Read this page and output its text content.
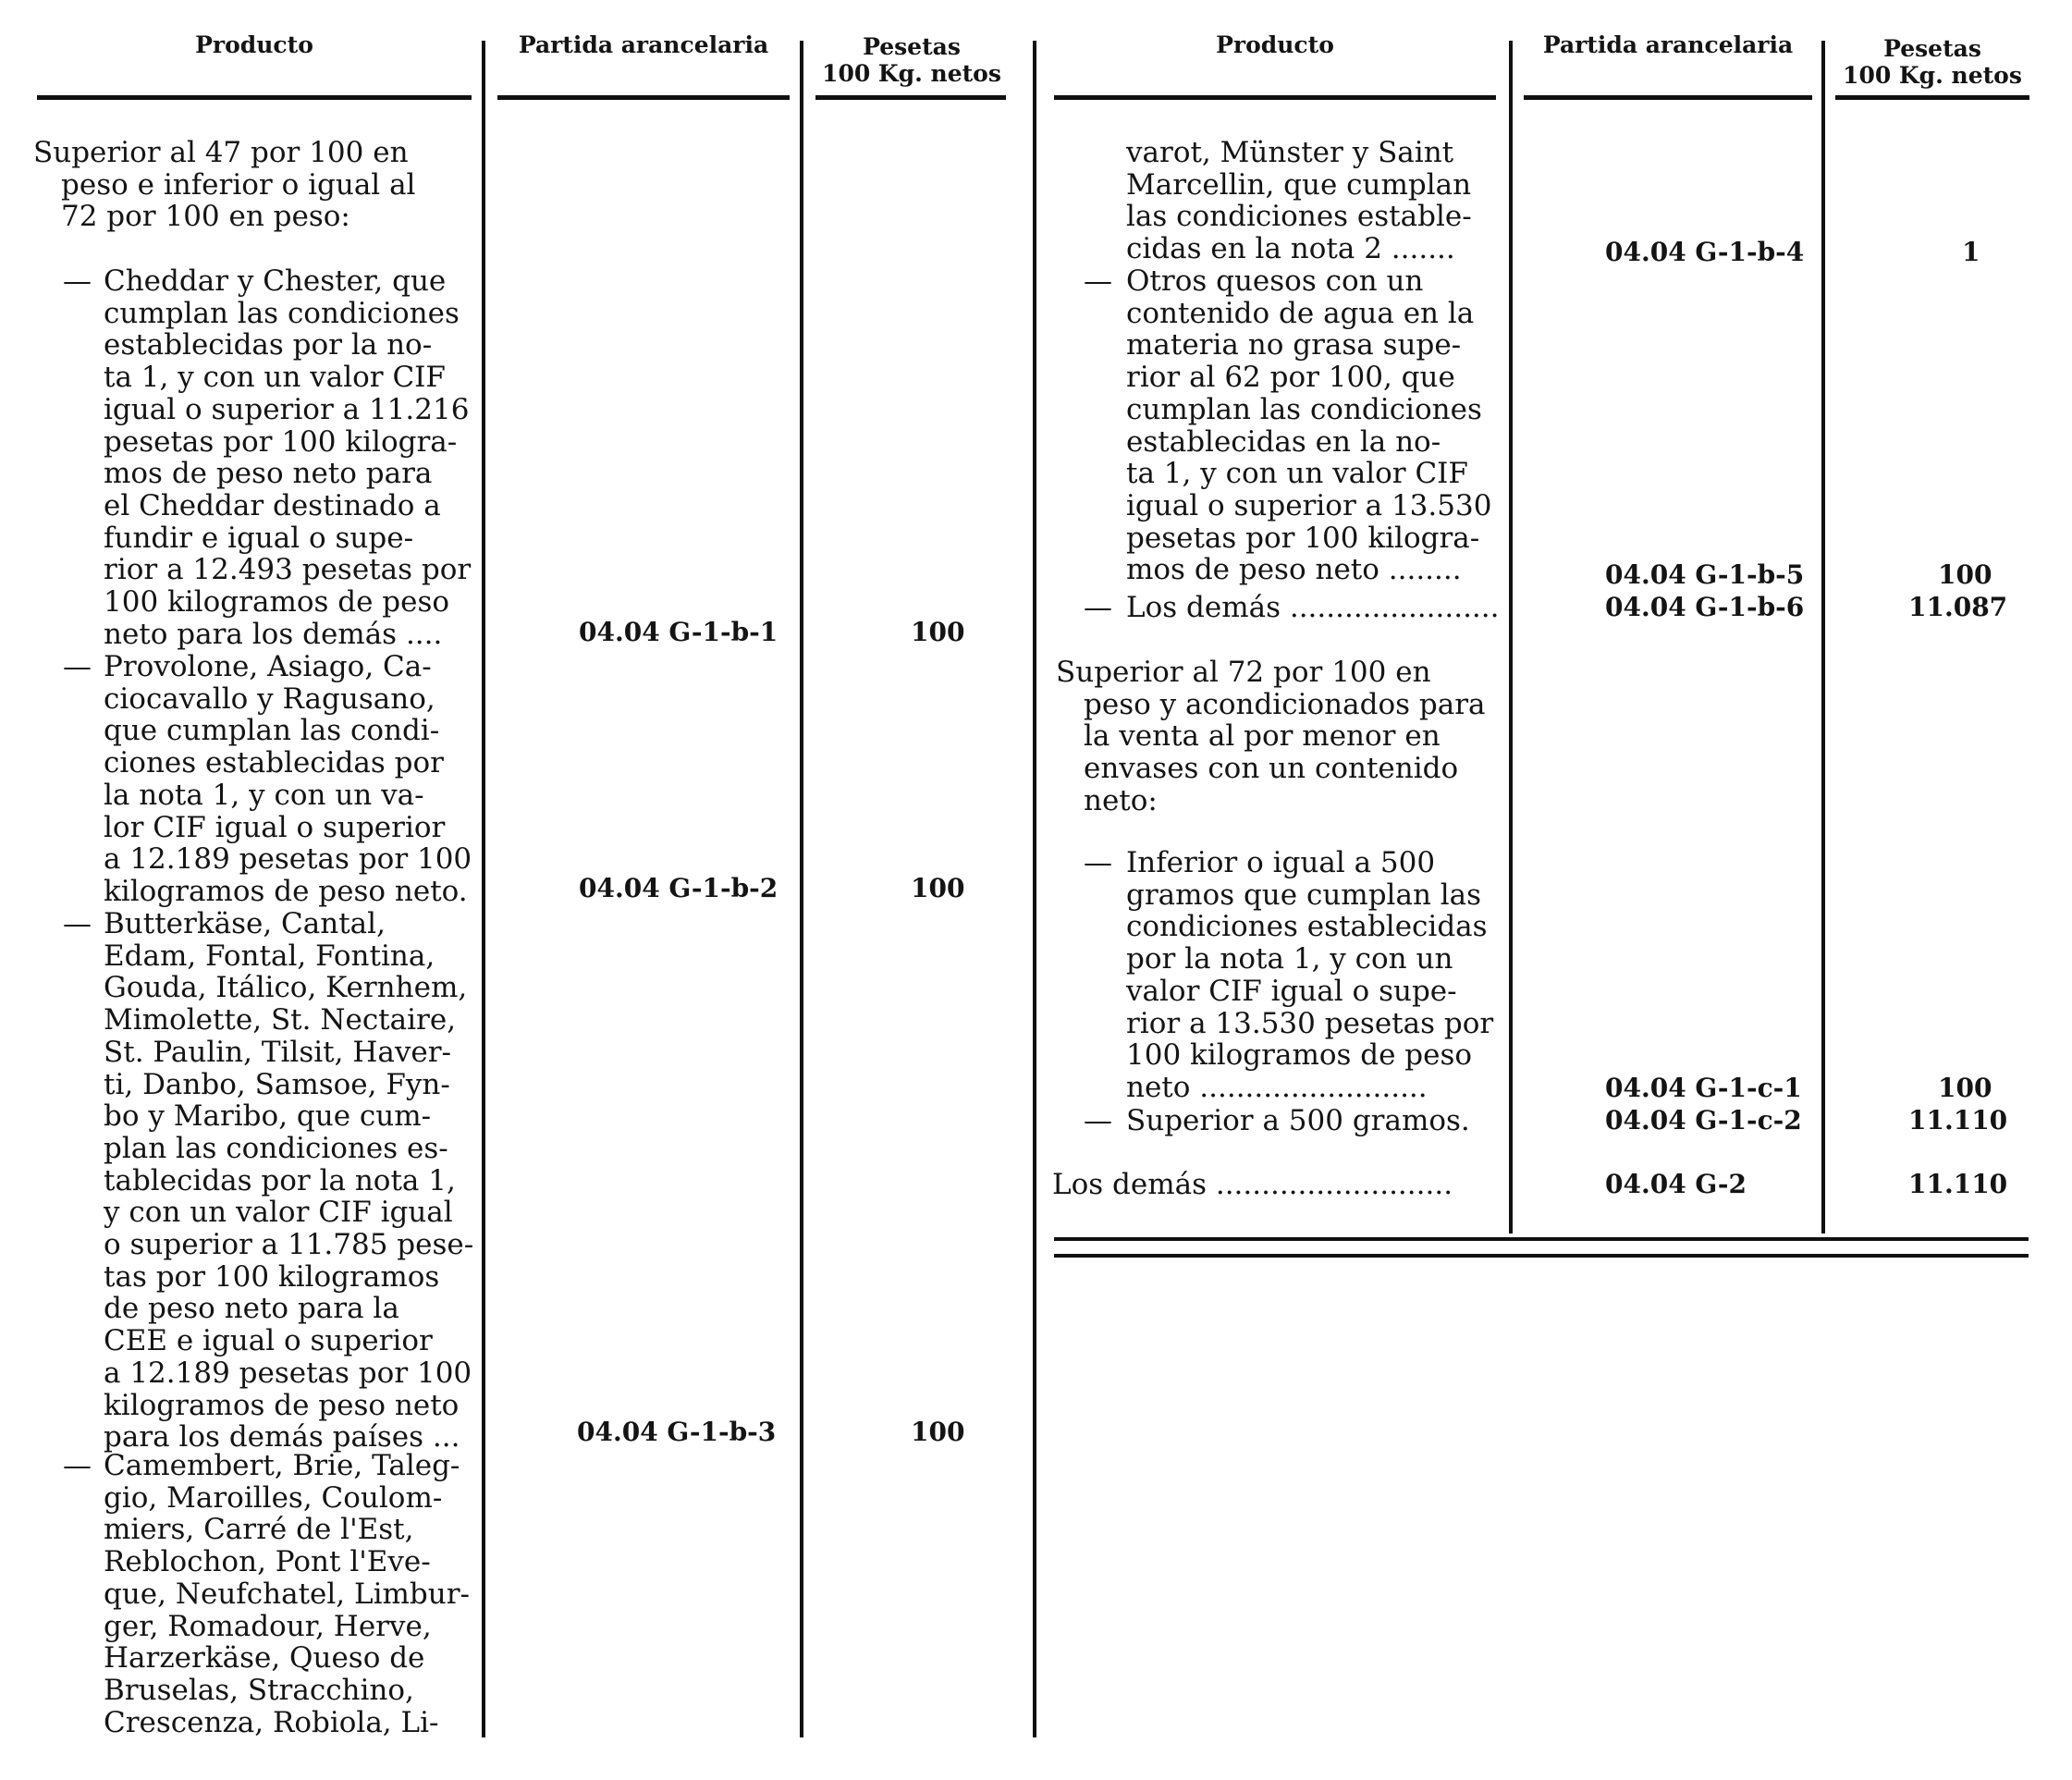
Producto	Partida arancelaria	Pesetas
100 Kg. netos
Producto	Partida arancelaria	Pesetas
100 Kg. netos
Superior al 47 por 100 en
peso e inferior o igual al
72 por 100 en peso:
— Cheddar y Chester, que
cumplan las condiciones
establecidas por la no-
ta 1, y con un valor CIF
igual o superior a 11.216
pesetas por 100 kilogra-
mos de peso neto para
el Cheddar destinado a
fundir e igual o supe-
rior a 12.493 pesetas por
100 kilogramos de peso
neto para los demás ....	04.04 G-1-b-1	100
— Provolone, Asiago, Ca-
ciocavallo y Ragusano,
que cumplan las condi-
ciones establecidas por
la nota 1, y con un va-
lor CIF igual o superior
a 12.189 pesetas por 100
kilogramos de peso neto.	04.04 G-1-b-2	100
— Butterkäse, Cantal,
Edam, Fontal, Fontina,
Gouda, Itálico, Kernhem,
Mimolette, St. Nectaire,
St. Paulin, Tilsit, Haver-
ti, Danbo, Samsoe, Fyn-
bo y Maribo, que cum-
plan las condiciones es-
tablecidas por la nota 1,
y con un valor CIF igual
o superior a 11.785 pese-
tas por 100 kilogramos
de peso neto para la
CEE e igual o superior
a 12.189 pesetas por 100
kilogramos de peso neto
para los demás países ...	04.04 G-1-b-3	100
— Camembert, Brie, Taleg-
gio, Maroilles, Coulom-
miers, Carré de l'Est,
Reblochon, Pont l'Eve-
que, Neufchatel, Limbur-
ger, Romadour, Herve,
Harzerkäse, Queso de
Bruselas, Stracchino,
Crescenza, Robiola, Li-
varot, Münster y Saint
Marcellin, que cumplan
las condiciones estable-
cidas en la nota 2 .......	04.04 G-1-b-4	1
— Otros quesos con un
contenido de agua en la
materia no grasa supe-
rior al 62 por 100, que
cumplan las condiciones
establecidas en la no-
ta 1, y con un valor CIF
igual o superior a 13.530
pesetas por 100 kilogra-
mos de peso neto ........	04.04 G-1-b-5	100
— Los demás .......................	04.04 G-1-b-6	11.087
Superior al 72 por 100 en
peso y acondicionados para
la venta al por menor en
envases con un contenido
neto:
— Inferior o igual a 500
gramos que cumplan las
condiciones establecidas
por la nota 1, y con un
valor CIF igual o supe-
rior a 13.530 pesetas por
100 kilogramos de peso
neto .........................	04.04 G-1-c-1	100
— Superior a 500 gramos.	04.04 G-1-c-2	11.110
Los demás ..........................	04.04 G-2	11.110
